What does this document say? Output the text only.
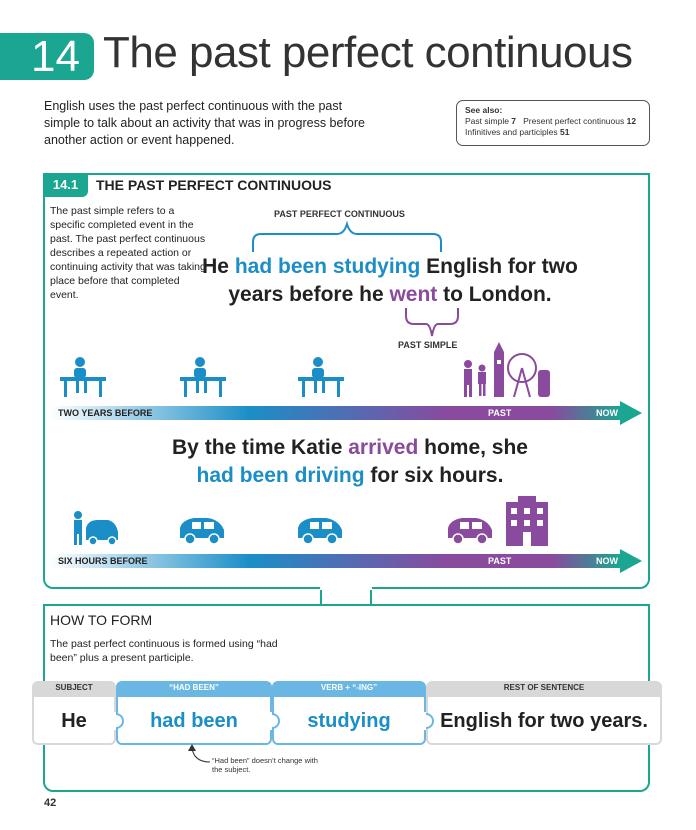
14 The past perfect continuous
English uses the past perfect continuous with the past simple to talk about an activity that was in progress before another action or event happened.
See also:
Past simple 7   Present perfect continuous 12
Infinitives and participles 51
14.1	THE PAST PERFECT CONTINUOUS
The past simple refers to a specific completed event in the past. The past perfect continuous describes a repeated action or continuing activity that was taking place before that completed event.
PAST PERFECT CONTINUOUS
PAST SIMPLE
He had been studying English for two
years before he went to London.
TWO YEARS BEFORE	PAST	NOW
By the time Katie arrived home, she
had been driving for six hours.
SIX HOURS BEFORE	PAST	NOW
HOW TO FORM
The past perfect continuous is formed using “had been” plus a present participle.
SUBJECT
He
“HAD BEEN”
had been
VERB + “-ING”
studying
REST OF SENTENCE
English for two years.
“Had been” doesn’t change with the subject.
42
